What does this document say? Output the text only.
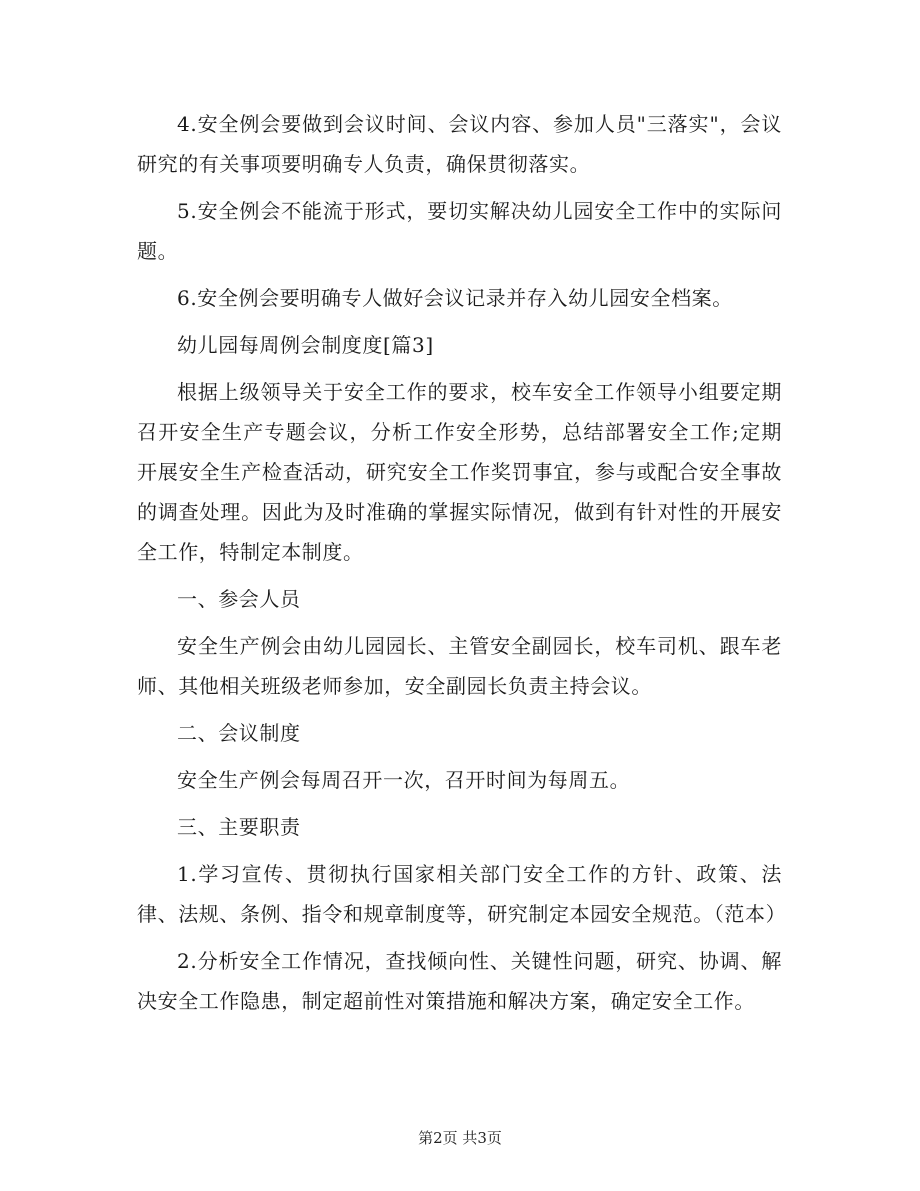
4.安全例会要做到会议时间、会议内容、参加人员"三落实"，会议研究的有关事项要明确专人负责，确保贯彻落实。

5.安全例会不能流于形式，要切实解决幼儿园安全工作中的实际问题。

6.安全例会要明确专人做好会议记录并存入幼儿园安全档案。

幼儿园每周例会制度度[篇3]

根据上级领导关于安全工作的要求，校车安全工作领导小组要定期召开安全生产专题会议，分析工作安全形势，总结部署安全工作;定期开展安全生产检查活动，研究安全工作奖罚事宜，参与或配合安全事故的调查处理。因此为及时准确的掌握实际情况，做到有针对性的开展安全工作，特制定本制度。

一、参会人员

安全生产例会由幼儿园园长、主管安全副园长，校车司机、跟车老师、其他相关班级老师参加，安全副园长负责主持会议。

二、会议制度

安全生产例会每周召开一次，召开时间为每周五。

三、主要职责

1.学习宣传、贯彻执行国家相关部门安全工作的方针、政策、法律、法规、条例、指令和规章制度等，研究制定本园安全规范。（范本）

2.分析安全工作情况，查找倾向性、关键性问题，研究、协调、解决安全工作隐患，制定超前性对策措施和解决方案，确定安全工作。

第2页 共3页
